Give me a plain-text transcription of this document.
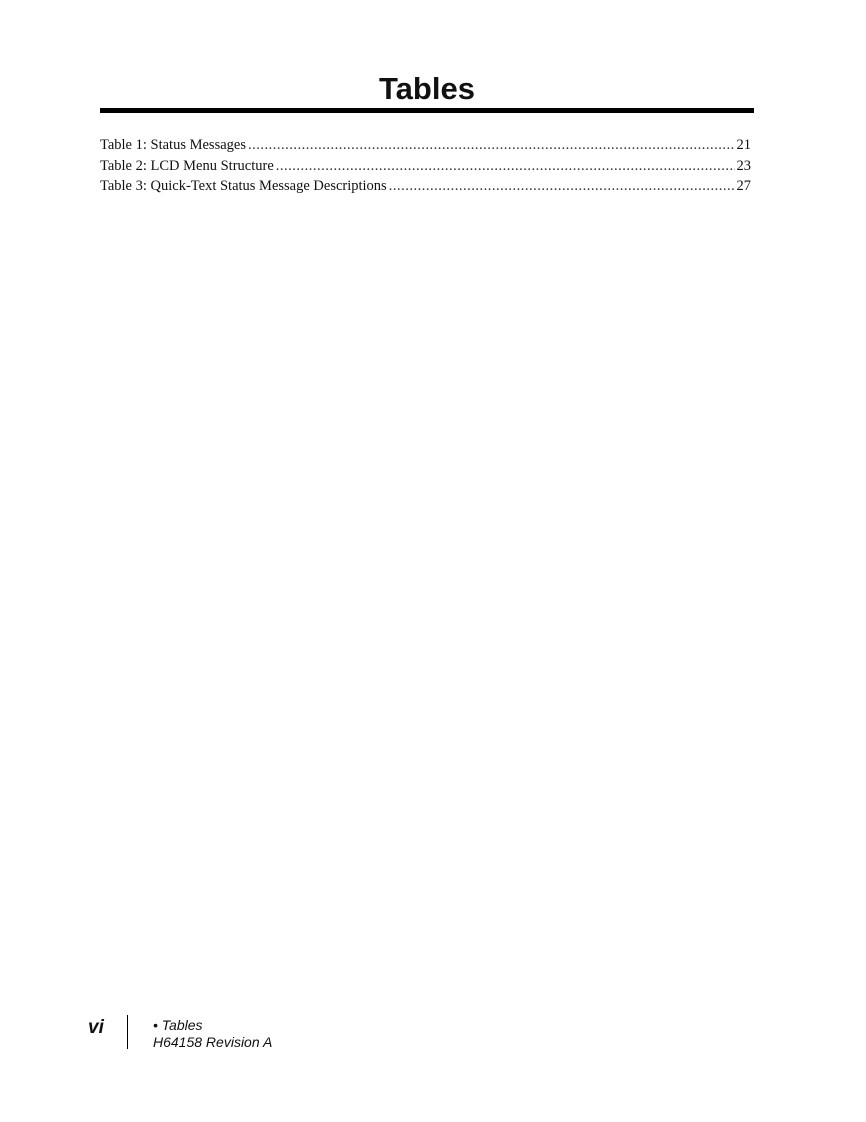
Tables
Table 1: Status Messages .....	21
Table 2: LCD Menu Structure .....	23
Table 3: Quick-Text Status Message Descriptions .....	27
vi	• Tables
H64158 Revision A
